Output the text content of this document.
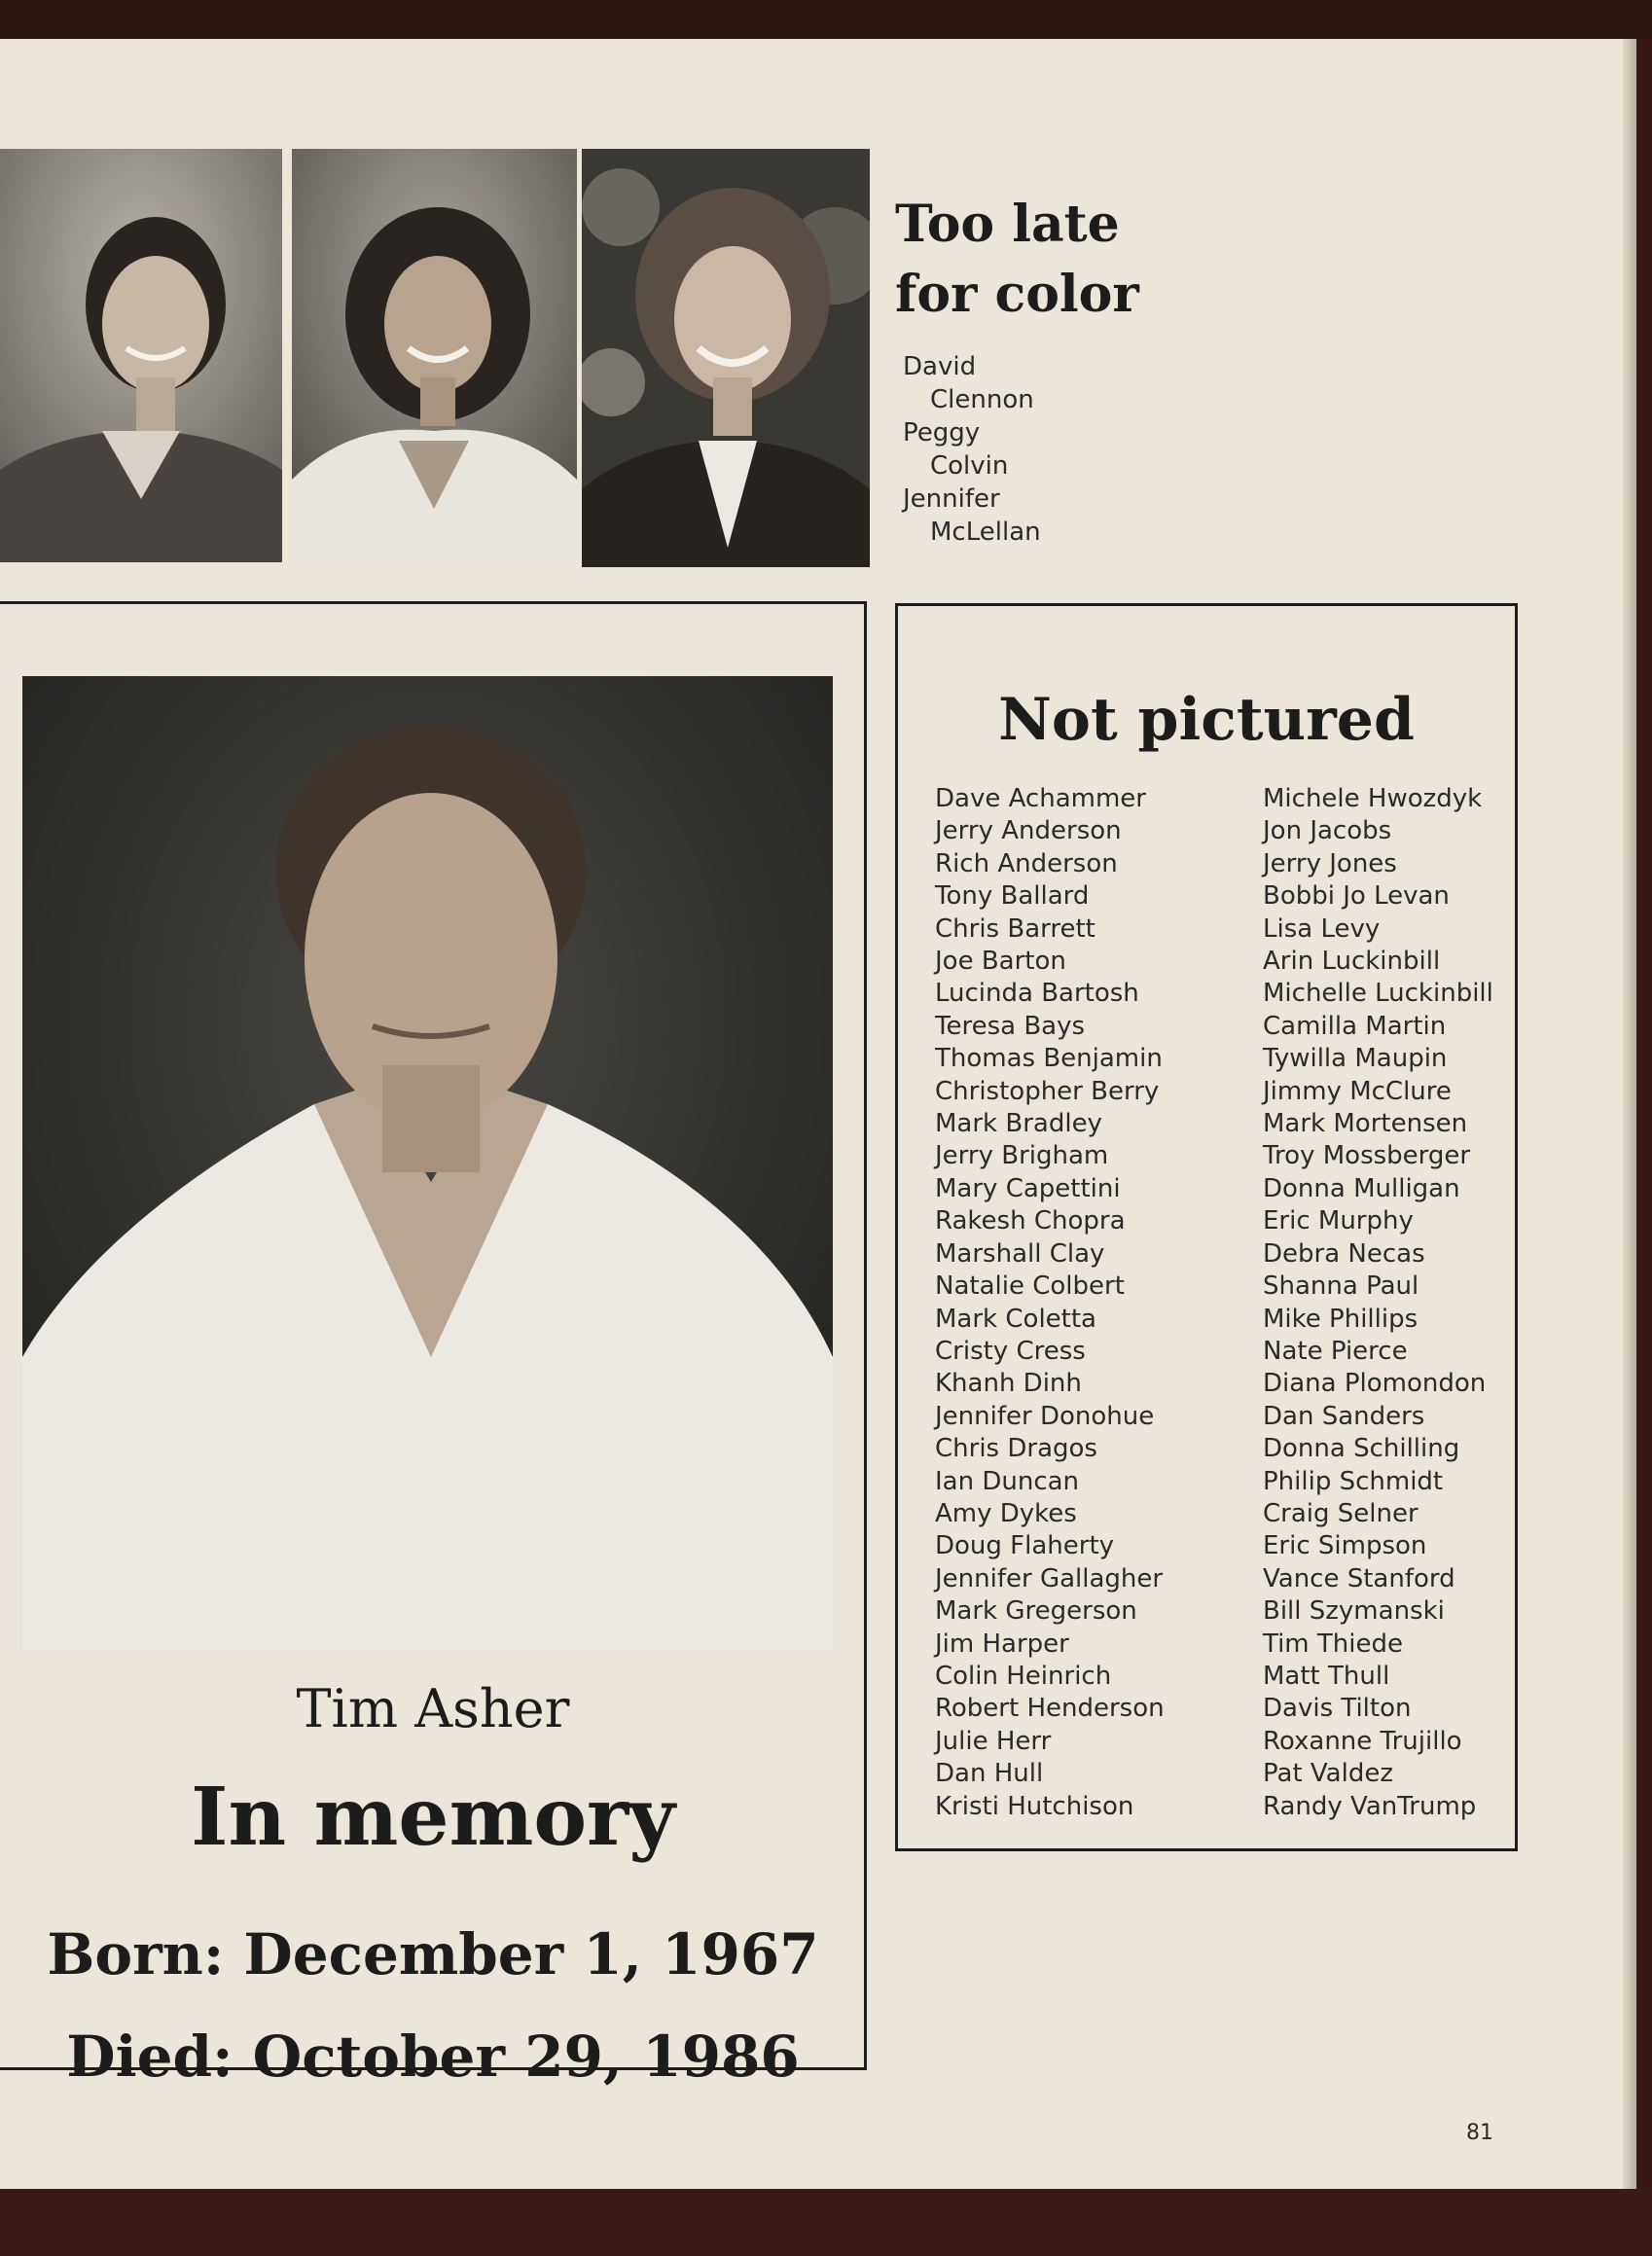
Too late
for color
David
Clennon
Peggy
Colvin
Jennifer
McLellan
Tim Asher
In memory
Born: December 1, 1967
Died: October 29, 1986
Not pictured
Dave Achammer
Jerry Anderson
Rich Anderson
Tony Ballard
Chris Barrett
Joe Barton
Lucinda Bartosh
Teresa Bays
Thomas Benjamin
Christopher Berry
Mark Bradley
Jerry Brigham
Mary Capettini
Rakesh Chopra
Marshall Clay
Natalie Colbert
Mark Coletta
Cristy Cress
Khanh Dinh
Jennifer Donohue
Chris Dragos
Ian Duncan
Amy Dykes
Doug Flaherty
Jennifer Gallagher
Mark Gregerson
Jim Harper
Colin Heinrich
Robert Henderson
Julie Herr
Dan Hull
Kristi Hutchison
Michele Hwozdyk
Jon Jacobs
Jerry Jones
Bobbi Jo Levan
Lisa Levy
Arin Luckinbill
Michelle Luckinbill
Camilla Martin
Tywilla Maupin
Jimmy McClure
Mark Mortensen
Troy Mossberger
Donna Mulligan
Eric Murphy
Debra Necas
Shanna Paul
Mike Phillips
Nate Pierce
Diana Plomondon
Dan Sanders
Donna Schilling
Philip Schmidt
Craig Selner
Eric Simpson
Vance Stanford
Bill Szymanski
Tim Thiede
Matt Thull
Davis Tilton
Roxanne Trujillo
Pat Valdez
Randy VanTrump
81
